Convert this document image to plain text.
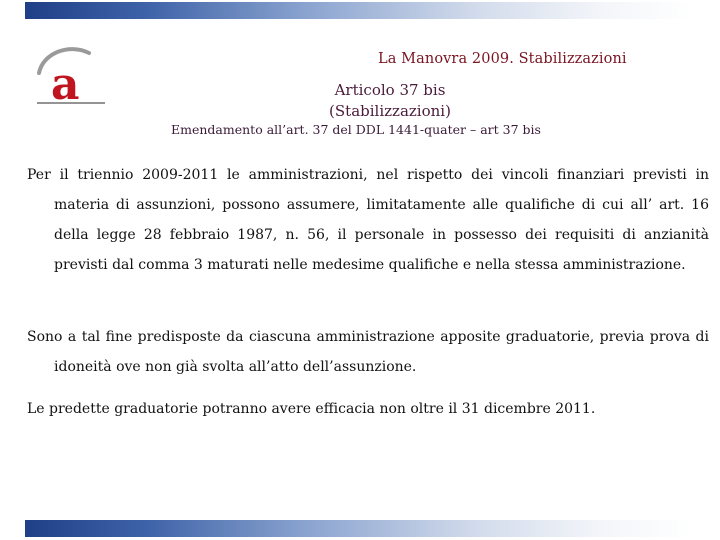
a	La Manovra 2009. Stabilizzazioni
Articolo 37 bis
(Stabilizzazioni)
Emendamento all’art. 37 del DDL 1441-quater – art 37 bis
Per il triennio 2009-2011 le amministrazioni, nel rispetto dei vincoli finanziari previsti in materia di assunzioni, possono assumere, limitatamente alle qualifiche di cui all’ art. 16 della legge 28 febbraio 1987, n. 56, il personale in possesso dei requisiti di anzianità previsti dal comma 3 maturati nelle medesime qualifiche e nella stessa amministrazione.
Sono a tal fine predisposte da ciascuna amministrazione apposite graduatorie, previa prova di idoneità ove non già svolta all’atto dell’assunzione.
Le predette graduatorie potranno avere efficacia non oltre il 31 dicembre 2011.
